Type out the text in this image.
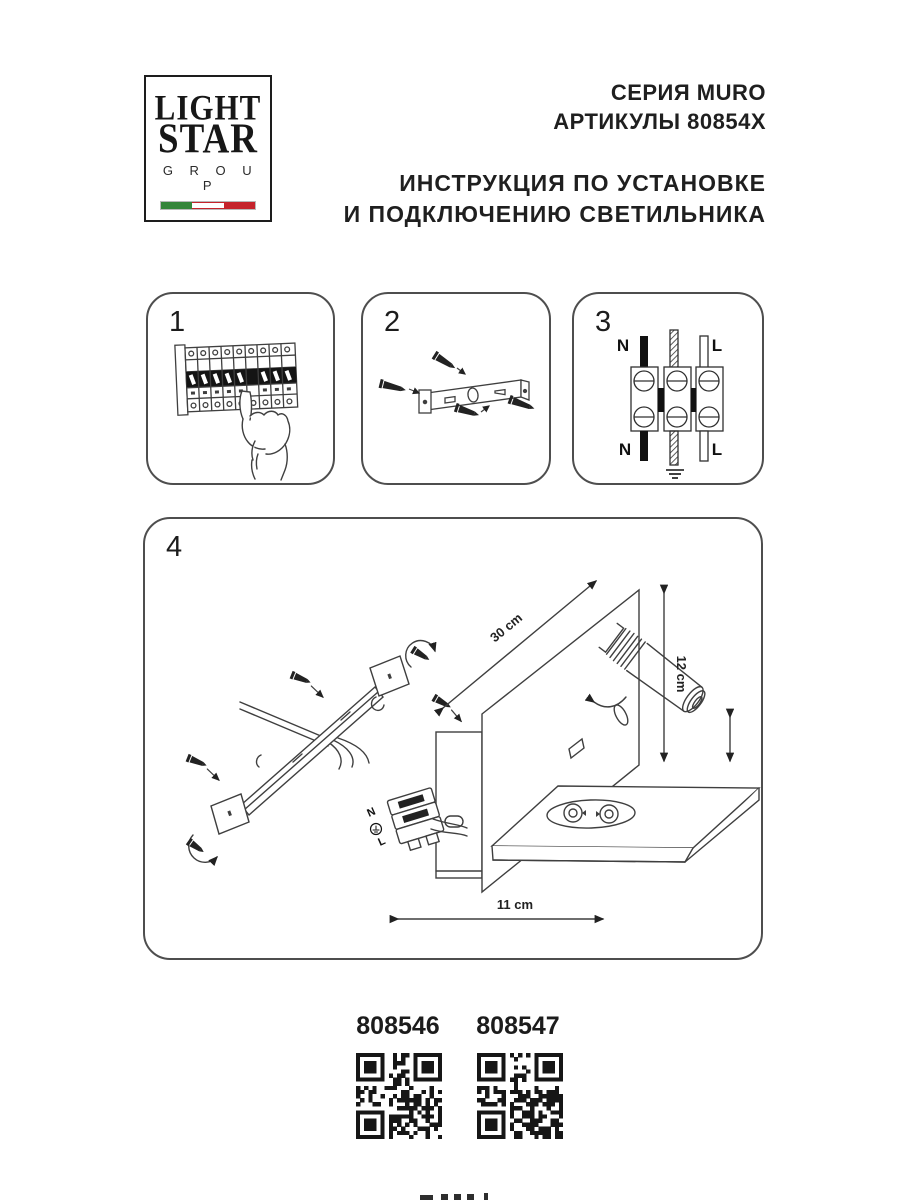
LIGHT
STAR
G R O U P
СЕРИЯ MURO
АРТИКУЛЫ 80854X
ИНСТРУКЦИЯ ПО УСТАНОВКЕ
И ПОДКЛЮЧЕНИЮ СВЕТИЛЬНИКА
1	2	3
N	L
N	L
4
N
L
30 cm
12 cm
11 cm
808546	808547
